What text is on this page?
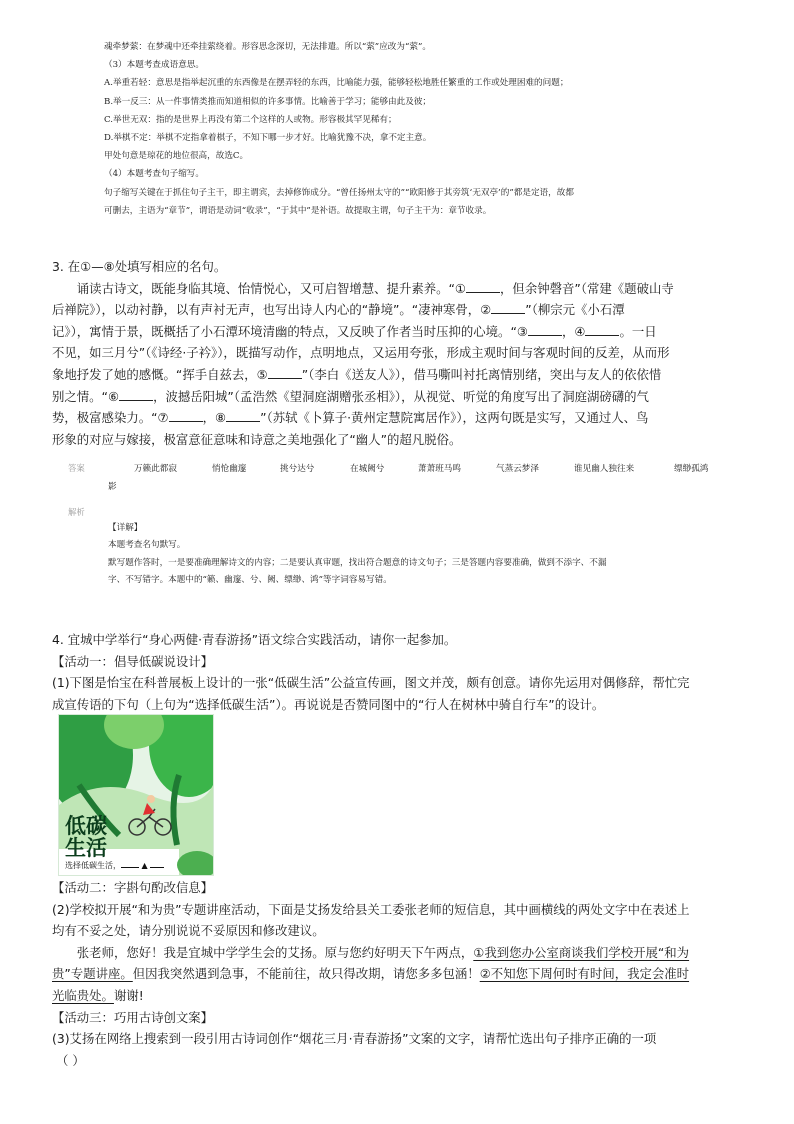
魂牵梦萦：在梦魂中还牵挂萦绕着。形容思念深切，无法排遣。所以“萦”应改为“萦”。

（3）本题考查成语意思。

A.举重若轻：意思是指举起沉重的东西像是在摆弄轻的东西，比喻能力强，能够轻松地胜任繁重的工作或处理困难的问题；

B.举一反三：从一件事情类推而知道相似的许多事情。比喻善于学习；能够由此及彼；

C.举世无双：指的是世界上再没有第二个这样的人或物。形容极其罕见稀有；

D.举棋不定：举棋不定指拿着棋子，不知下哪一步才好。比喻犹豫不决，拿不定主意。

甲处句意是琼花的地位很高，故选C。

（4）本题考查句子缩写。

句子缩写关键在于抓住句子主干，即主谓宾，去掉修饰成分。“曾任扬州太守的”“欧阳修于其旁筑‘无双亭’的”都是定语，故都

可删去，主语为“章节”，谓语是动词“收录”，“于其中”是补语。故提取主谓，句子主干为：章节收录。

3. 在①—⑧处填写相应的名句。

诵读古诗文，既能身临其境、怡情悦心，又可启智增慧、提升素养。“①	，但余钟磬音”（常建《题破山寺

后禅院》），以动衬静，以有声衬无声，也写出诗人内心的“静境”。“凄神寒骨，②	”（柳宗元《小石潭

记》），寓情于景，既概括了小石潭环境清幽的特点，又反映了作者当时压抑的心境。“③	，④	。一日

不见，如三月兮”（《诗经·子衿》），既描写动作，点明地点，又运用夸张，形成主观时间与客观时间的反差，从而形

象地抒发了她的感慨。“挥手自兹去，⑤	”（李白《送友人》），借马嘶叫衬托离情别绪，突出与友人的依依惜

别之情。“⑥	，波撼岳阳城”（孟浩然《望洞庭湖赠张丞相》），从视觉、听觉的角度写出了洞庭湖磅礴的气

势，极富感染力。“⑦	，⑧	”（苏轼《卜算子·黄州定慧院寓居作》），这两句既是实写，又通过人、鸟

形象的对应与嫁接，极富意征意味和诗意之美地强化了“幽人”的超凡脱俗。

答案	万籁此都寂	悄怆幽邃	挑兮达兮	在城阙兮	萧萧班马鸣	气蒸云梦泽	谁见幽人独往来	缥缈孤鸿
影
解析

【详解】

本题考查名句默写。

默写题作答时，一是要准确理解诗文的内容；二是要认真审题，找出符合题意的诗文句子；三是答题内容要准确，做到不添字、不漏

字、不写错字。本题中的“籁、幽邃、兮、阙、缥缈、鸿”等字词容易写错。

4. 宜城中学举行“身心两健·青春游扬”语文综合实践活动，请你一起参加。

【活动一：倡导低碳说设计】

(1)下图是怡宝在科普展板上设计的一张“低碳生活”公益宣传画，图文并茂，颇有创意。请你先运用对偶修辞，帮忙完

成宣传语的下句（上句为“选择低碳生活”）。再说说是否赞同图中的“行人在树林中骑自行车”的设计。

低碳
生活
选择低碳生活， ▲

【活动二：字斟句酌改信息】

(2)学校拟开展“和为贵”专题讲座活动，下面是艾扬发给县关工委张老师的短信息，其中画横线的两处文字中在表述上

均有不妥之处，请分别说说不妥原因和修改建议。

张老师，您好！我是宜城中学学生会的艾扬。原与您约好明天下午两点，①我到您办公室商谈我们学校开展“和为

贵”专题讲座。但因我突然遇到急事，不能前往，故只得改期，请您多多包涵！②不知您下周何时有时间，我定会准时

光临贵处。谢谢!

【活动三：巧用古诗创文案】

(3)艾扬在网络上搜索到一段引用古诗词创作“烟花三月·青春游扬”文案的文字，请帮忙选出句子排序正确的一项

（ ）
